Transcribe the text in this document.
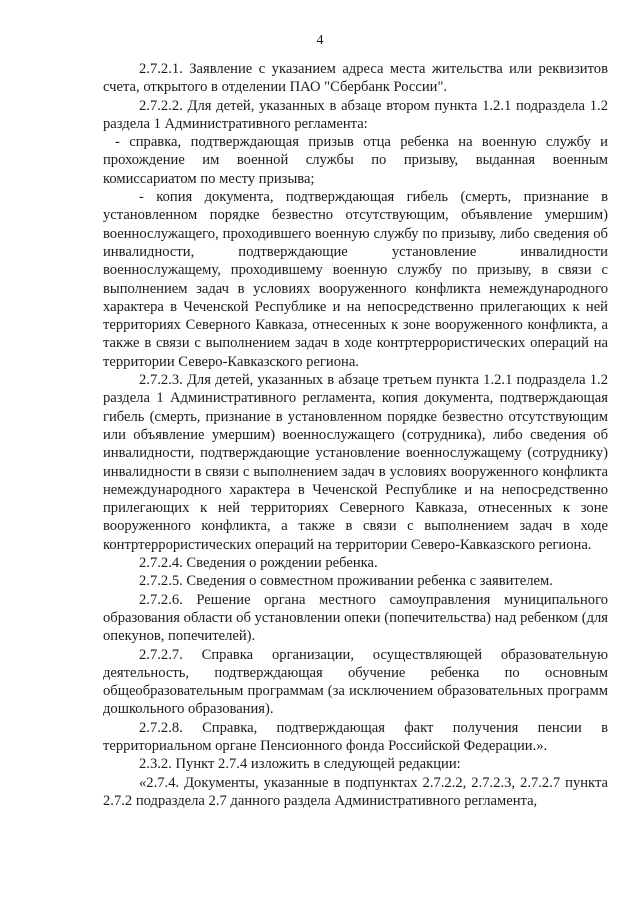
4

2.7.2.1. Заявление с указанием адреса места жительства или реквизитов счета, открытого в отделении ПАО "Сбербанк России".

2.7.2.2. Для детей, указанных в абзаце втором пункта 1.2.1 подраздела 1.2 раздела 1 Административного регламента:

- справка, подтверждающая призыв отца ребенка на военную службу и прохождение им военной службы по призыву, выданная военным комиссариатом по месту призыва;

- копия документа, подтверждающая гибель (смерть, признание в установленном порядке безвестно отсутствующим, объявление умершим) военнослужащего, проходившего военную службу по призыву, либо сведения об инвалидности, подтверждающие установление инвалидности военнослужащему, проходившему военную службу по призыву, в связи с выполнением задач в условиях вооруженного конфликта немеждународного характера в Чеченской Республике и на непосредственно прилегающих к ней территориях Северного Кавказа, отнесенных к зоне вооруженного конфликта, а также в связи с выполнением задач в ходе контртеррористических операций на территории Северо-Кавказского региона.

2.7.2.3. Для детей, указанных в абзаце третьем пункта 1.2.1 подраздела 1.2 раздела 1 Административного регламента, копия документа, подтверждающая гибель (смерть, признание в установленном порядке безвестно отсутствующим или объявление умершим) военнослужащего (сотрудника), либо сведения об инвалидности, подтверждающие установление военнослужащему (сотруднику) инвалидности в связи с выполнением задач в условиях вооруженного конфликта немеждународного характера в Чеченской Республике и на непосредственно прилегающих к ней территориях Северного Кавказа, отнесенных к зоне вооруженного конфликта, а также в связи с выполнением задач в ходе контртеррористических операций на территории Северо-Кавказского региона.

2.7.2.4. Сведения о рождении ребенка.

2.7.2.5. Сведения о совместном проживании ребенка с заявителем.

2.7.2.6. Решение органа местного самоуправления муниципального образования области об установлении опеки (попечительства) над ребенком (для опекунов, попечителей).

2.7.2.7. Справка организации, осуществляющей образовательную деятельность, подтверждающая обучение ребенка по основным общеобразовательным программам (за исключением образовательных программ дошкольного образования).

2.7.2.8. Справка, подтверждающая факт получения пенсии в территориальном органе Пенсионного фонда Российской Федерации.».

2.3.2. Пункт 2.7.4 изложить в следующей редакции:

«2.7.4. Документы, указанные в подпунктах 2.7.2.2, 2.7.2.3, 2.7.2.7 пункта 2.7.2 подраздела 2.7 данного раздела Административного регламента,
